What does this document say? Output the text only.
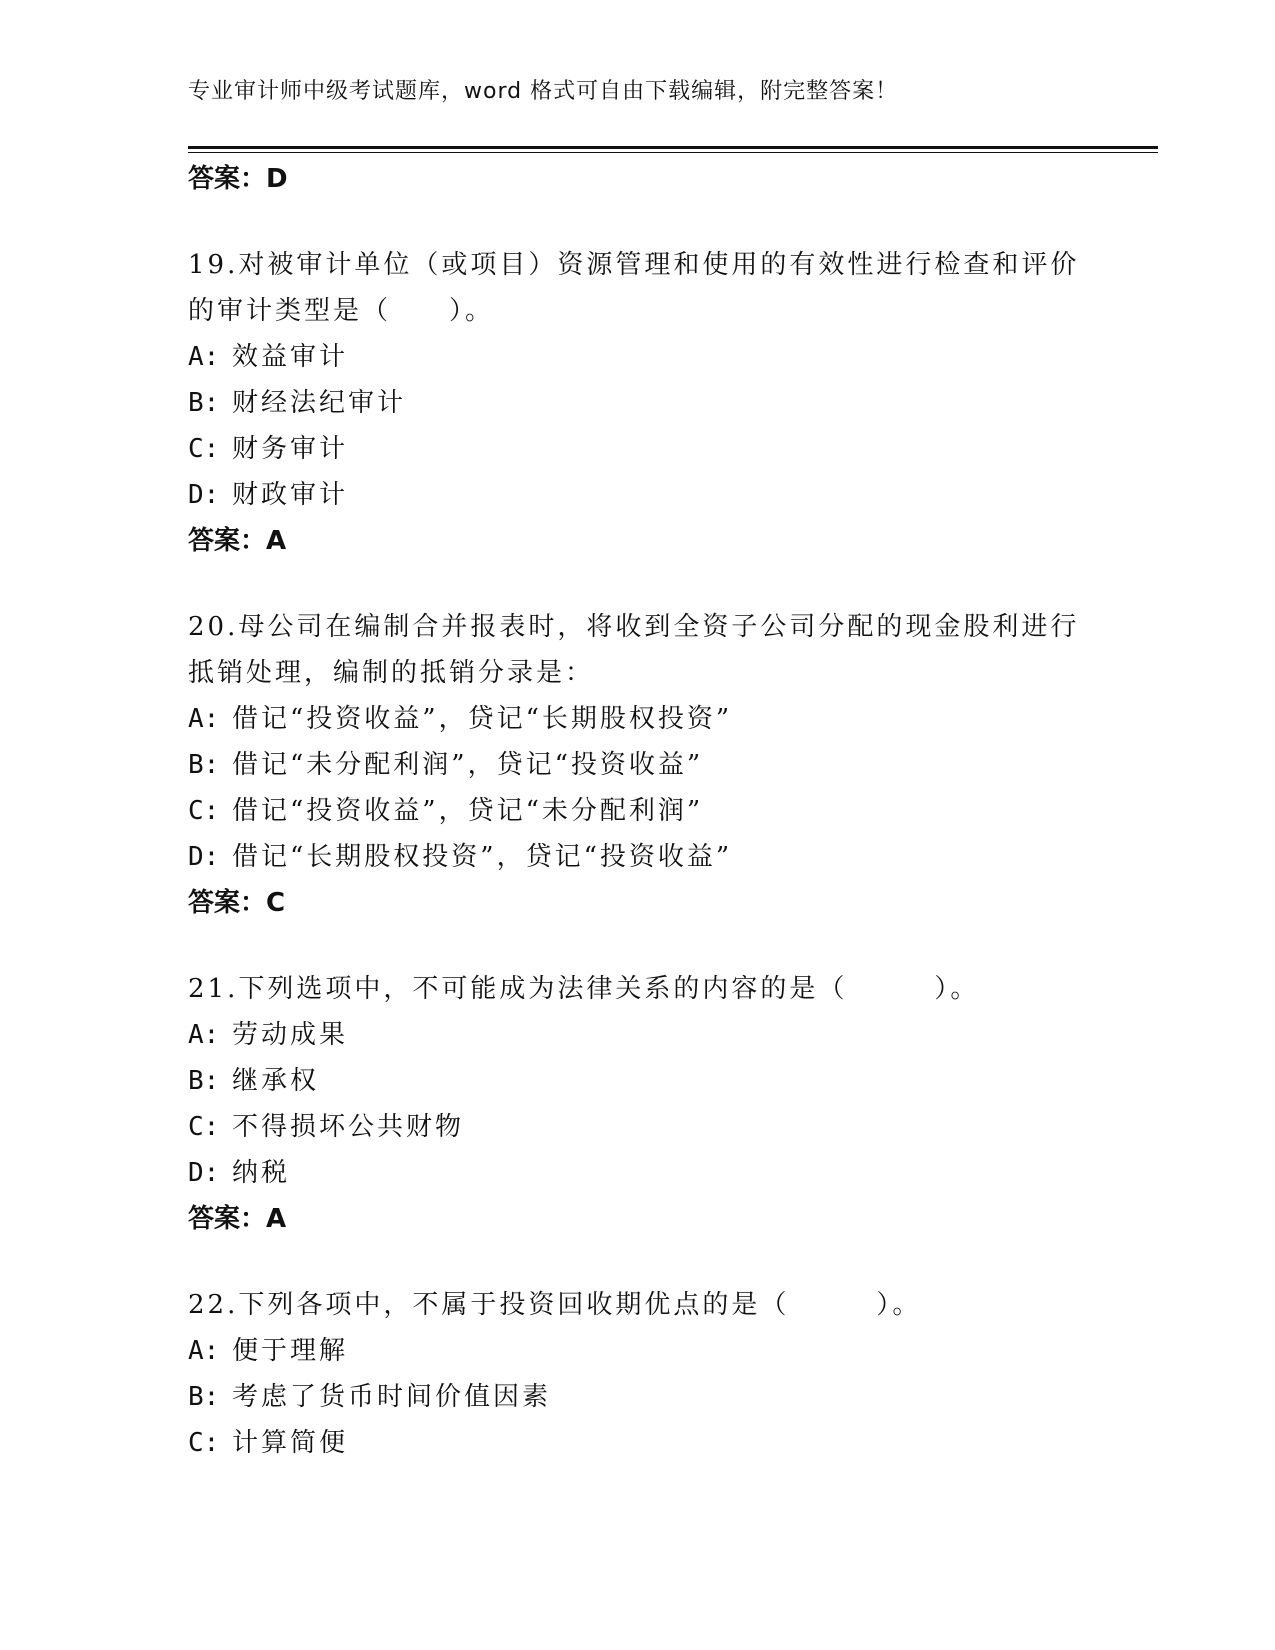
专业审计师中级考试题库，word 格式可自由下载编辑，附完整答案！
答案：D
19.对被审计单位（或项目）资源管理和使用的有效性进行检查和评价
的审计类型是（　　）。
A: 效益审计
B: 财经法纪审计
C: 财务审计
D: 财政审计
答案：A
20.母公司在编制合并报表时，将收到全资子公司分配的现金股利进行
抵销处理，编制的抵销分录是：
A: 借记“投资收益”，贷记“长期股权投资”
B: 借记“未分配利润”，贷记“投资收益”
C: 借记“投资收益”，贷记“未分配利润”
D: 借记“长期股权投资”，贷记“投资收益”
答案：C
21.下列选项中，不可能成为法律关系的内容的是（　　　）。
A: 劳动成果
B: 继承权
C: 不得损坏公共财物
D: 纳税
答案：A
22.下列各项中，不属于投资回收期优点的是（　　　）。
A: 便于理解
B: 考虑了货币时间价值因素
C: 计算简便
